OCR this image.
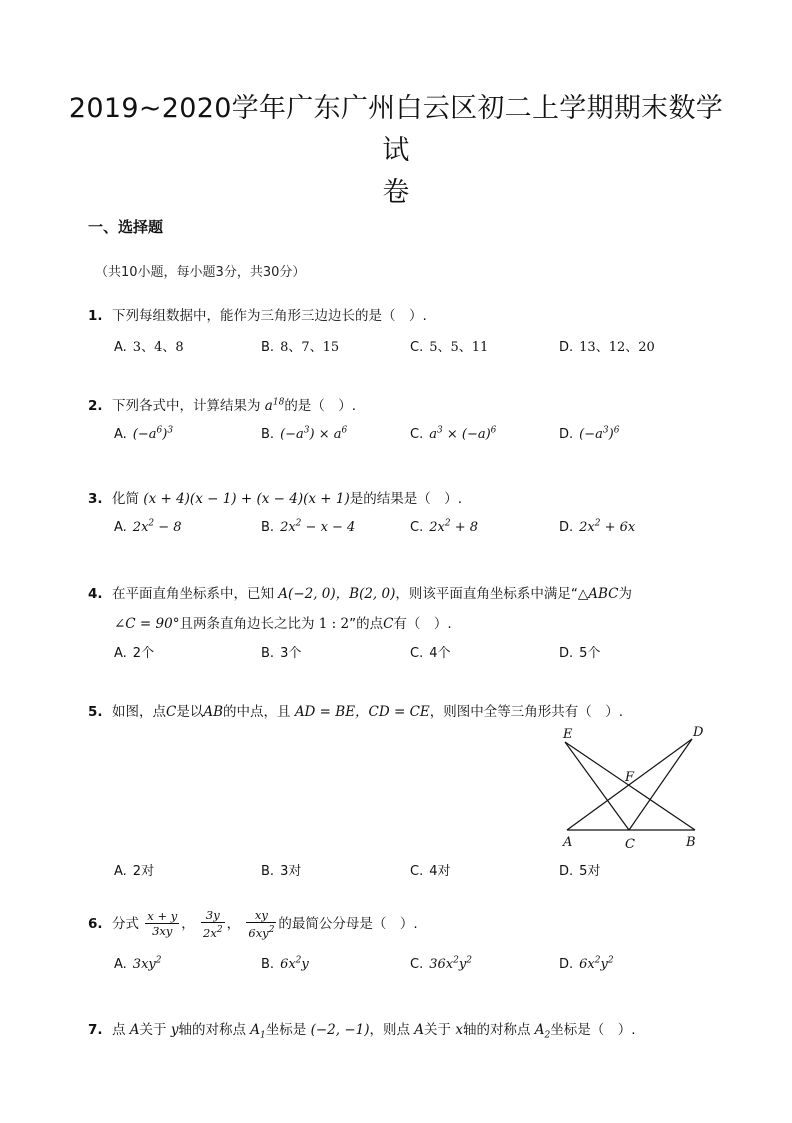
2019~2020学年广东广州白云区初二上学期期末数学试
卷
一、选择题
（共10小题，每小题3分，共30分）
1. 下列每组数据中，能作为三角形三边边长的是（　）.
A. 3、4、8	B. 8、7、15	C. 5、5、11	D. 13、12、20
2. 下列各式中，计算结果为 $a^{18}$的是（　）.
A. $(-a^6)^3$	B. $(-a^3) \times a^6$	C. $a^3 \times (-a)^6$	D. $(-a^3)^6$
3. 化简 (x + 4)(x − 1) + (x − 4)(x + 1)是的结果是（　）.
A. $2x^2 - 8$	B. $2x^2 - x - 4$	C. $2x^2 + 8$	D. $2x^2 + 6x$
4. 在平面直角坐标系中，已知 A(−2, 0)，B(2, 0)，则该平面直角坐标系中满足“△ABC为
∠C = 90°且两条直角边长之比为 1 : 2”的点C有（　）.
A. 2个	B. 3个	C. 4个	D. 5个
5. 如图，点C是以AB的中点，且 AD = BE，CD = CE，则图中全等三角形共有（　）.
E	D
F
A	C	B
A. 2对	B. 3对	C. 4对	D. 5对
6. 分式 $\frac{x + y}{3xy}$ ， $\frac{3y}{2x^2}$ ， $\frac{xy}{6xy^2}$ 的最简公分母是（　）.
A. $3xy^2$	B. $6x^2y$	C. $36x^2y^2$	D. $6x^2y^2$
7. 点 A关于 y轴的对称点 $A_1$坐标是 (−2, −1)，则点 A关于 x轴的对称点 $A_2$坐标是（　）.
